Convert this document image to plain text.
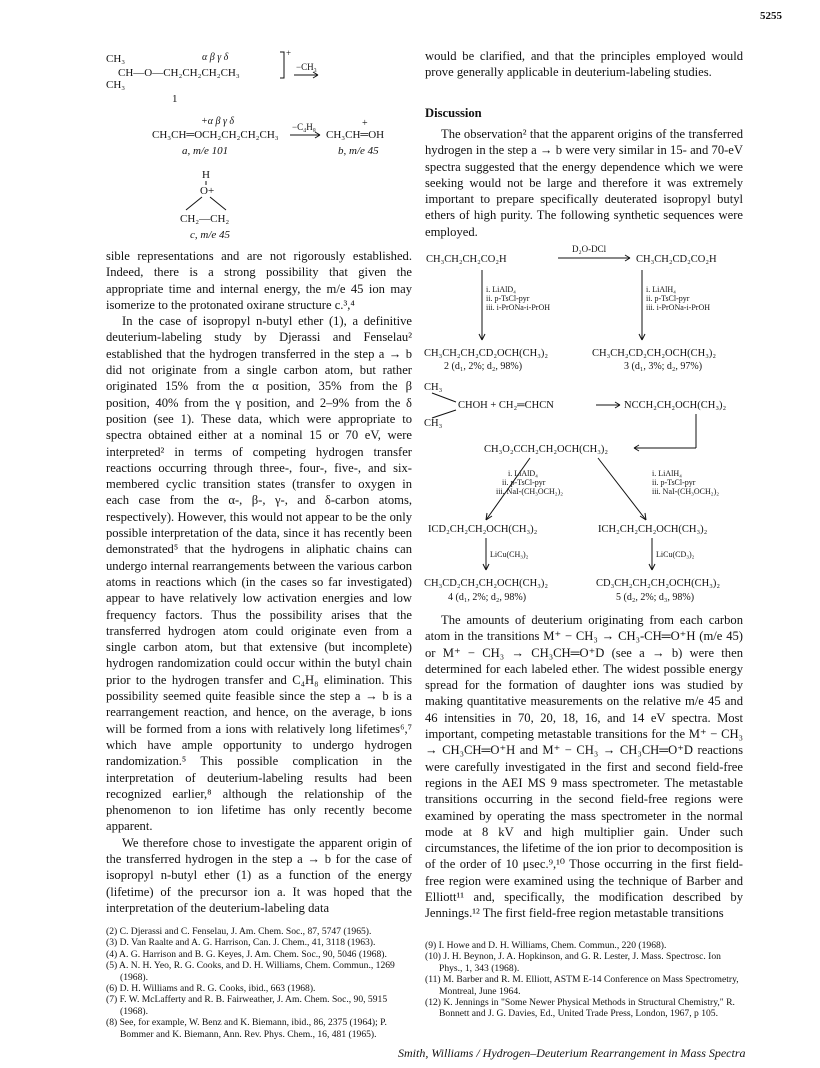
5255
α β γ δ
CH₃
CH—O—CH₂CH₂CH₂CH₃
CH₃
+
−CH₃
1
+α β γ δ
CH₃CH═OCH₂CH₂CH₂CH₃
−C₄H₈	+
CH₃CH═OH
a, m/e 101	b, m/e 45
H
O+
CH₂—CH₂
c, m/e 45

sible representations and are not rigorously established. Indeed, there is a strong possibility that given the appropriate time and internal energy, the m/e 45 ion may isomerize to the protonated oxirane structure c.³,⁴

In the case of isopropyl n-butyl ether (1), a definitive deuterium-labeling study by Djerassi and Fenselau² established that the hydrogen transferred in the step a → b did not originate from a single carbon atom, but rather originated 15% from the α position, 35% from the β position, 40% from the γ position, and 2–9% from the δ position (see 1). These data, which were appropriate to spectra obtained either at a nominal 15 or 70 eV, were interpreted² in terms of competing hydrogen transfer reactions occurring through three-, four-, five-, and six-membered cyclic transition states (transfer to oxygen in each case from the α-, β-, γ-, and δ-carbon atoms, respectively). However, this would not appear to be the only possible interpretation of the data, since it has recently been demonstrated⁵ that the hydrogens in aliphatic chains can undergo internal rearrangements between the various carbon atoms in reactions which (in the cases so far investigated) appear to have relatively low activation energies and low frequency factors. Thus the possibility arises that the transferred hydrogen atom could originate even from a single carbon atom, but that extensive (but incomplete) hydrogen randomization could occur within the butyl chain prior to the hydrogen transfer and C₄H₈ elimination. This possibility seemed quite feasible since the step a → b is a rearrangement reaction, and hence, on the average, b ions will be formed from a ions with relatively long lifetimes⁶,⁷ which have ample opportunity to undergo hydrogen randomization.⁵ This possible complication in the interpretation of deuterium-labeling results had been recognized earlier,⁸ although the relationship of the phenomenon to ion lifetime has only recently become apparent.

We therefore chose to investigate the apparent origin of the transferred hydrogen in the step a → b for the case of isopropyl n-butyl ether (1) as a function of the energy (lifetime) of the precursor ion a. It was hoped that the interpretation of the deuterium-labeling data

(2) C. Djerassi and C. Fenselau, J. Am. Chem. Soc., 87, 5747 (1965).
(3) D. Van Raalte and A. G. Harrison, Can. J. Chem., 41, 3118 (1963).
(4) A. G. Harrison and B. G. Keyes, J. Am. Chem. Soc., 90, 5046 (1968).
(5) A. N. H. Yeo, R. G. Cooks, and D. H. Williams, Chem. Commun., 1269 (1968).
(6) D. H. Williams and R. G. Cooks, ibid., 663 (1968).
(7) F. W. McLafferty and R. B. Fairweather, J. Am. Chem. Soc., 90, 5915 (1968).
(8) See, for example, W. Benz and K. Biemann, ibid., 86, 2375 (1964); P. Bommer and K. Biemann, Ann. Rev. Phys. Chem., 16, 481 (1965).
would be clarified, and that the principles employed would prove generally applicable in deuterium-labeling studies.
Discussion
The observation² that the apparent origins of the transferred hydrogen in the step a → b were very similar in 15- and 70-eV spectra suggested that the energy dependence which we were seeking would not be large and therefore it was extremely important to prepare specifically deuterated isopropyl butyl ethers of high purity. The following synthetic sequences were employed.
CH₃CH₂CH₂CO₂H
D₂O-DCl
CH₃CH₂CD₂CO₂H
i. LiAlD₄
ii. p-TsCl-pyr
iii. i-PrONa-i-PrOH
i. LiAlH₄
ii. p-TsCl-pyr
iii. i-PrONa-i-PrOH
CH₃CH₂CH₂CD₂OCH(CH₃)₂
2 (d₁, 2%; d₂, 98%)
CH₃CH₂CD₂CH₂OCH(CH₃)₂
3 (d₁, 3%; d₂, 97%)
CH₃
CHOH + CH₂═CHCN
CH₃
NCCH₂CH₂OCH(CH₃)₂
CH₃O₂CCH₂CH₂OCH(CH₃)₂
i. LiAlD₄
ii. p-TsCl-pyr
iii. NaI-(CH₃OCH₂)₂
i. LiAlH₄
ii. p-TsCl-pyr
iii. NaI-(CH₃OCH₂)₂
ICD₂CH₂CH₂OCH(CH₃)₂	ICH₂CH₂CH₂OCH(CH₃)₂
LiCu(CH₃)₂	LiCu(CD₃)₂
CH₃CD₂CH₂CH₂OCH(CH₃)₂
4 (d₁, 2%; d₂, 98%)
CD₃CH₂CH₂CH₂OCH(CH₃)₂
5 (d₂, 2%; d₃, 98%)

The amounts of deuterium originating from each carbon atom in the transitions M⁺ − CH₃ → CH₃-CH═O⁺H (m/e 45) or M⁺ − CH₃ → CH₃CH═O⁺D (see a → b) were then determined for each labeled ether. The widest possible energy spread for the formation of daughter ions was studied by making quantitative measurements on the relative m/e 45 and 46 intensities in 70, 20, 18, 16, and 14 eV spectra. Most important, competing metastable transitions for the M⁺ − CH₃ → CH₃CH═O⁺H and M⁺ − CH₃ → CH₃CH═O⁺D reactions were carefully investigated in the first and second field-free regions in the AEI MS 9 mass spectrometer. The metastable transitions occurring in the second field-free regions were examined by operating the mass spectrometer in the normal mode at 8 kV and high multiplier gain. Under such circumstances, the lifetime of the ion prior to decomposition is of the order of 10 μsec.⁹,¹⁰ Those occurring in the first field-free region were examined using the technique of Barber and Elliott¹¹ and, specifically, the modification described by Jennings.¹² The first field-free region metastable transitions

(9) I. Howe and D. H. Williams, Chem. Commun., 220 (1968).
(10) J. H. Beynon, J. A. Hopkinson, and G. R. Lester, J. Mass. Spectrosc. Ion Phys., 1, 343 (1968).
(11) M. Barber and R. M. Elliott, ASTM E-14 Conference on Mass Spectrometry, Montreal, June 1964.
(12) K. Jennings in "Some Newer Physical Methods in Structural Chemistry," R. Bonnett and J. G. Davies, Ed., United Trade Press, London, 1967, p 105.
Smith, Williams / Hydrogen–Deuterium Rearrangement in Mass Spectra
